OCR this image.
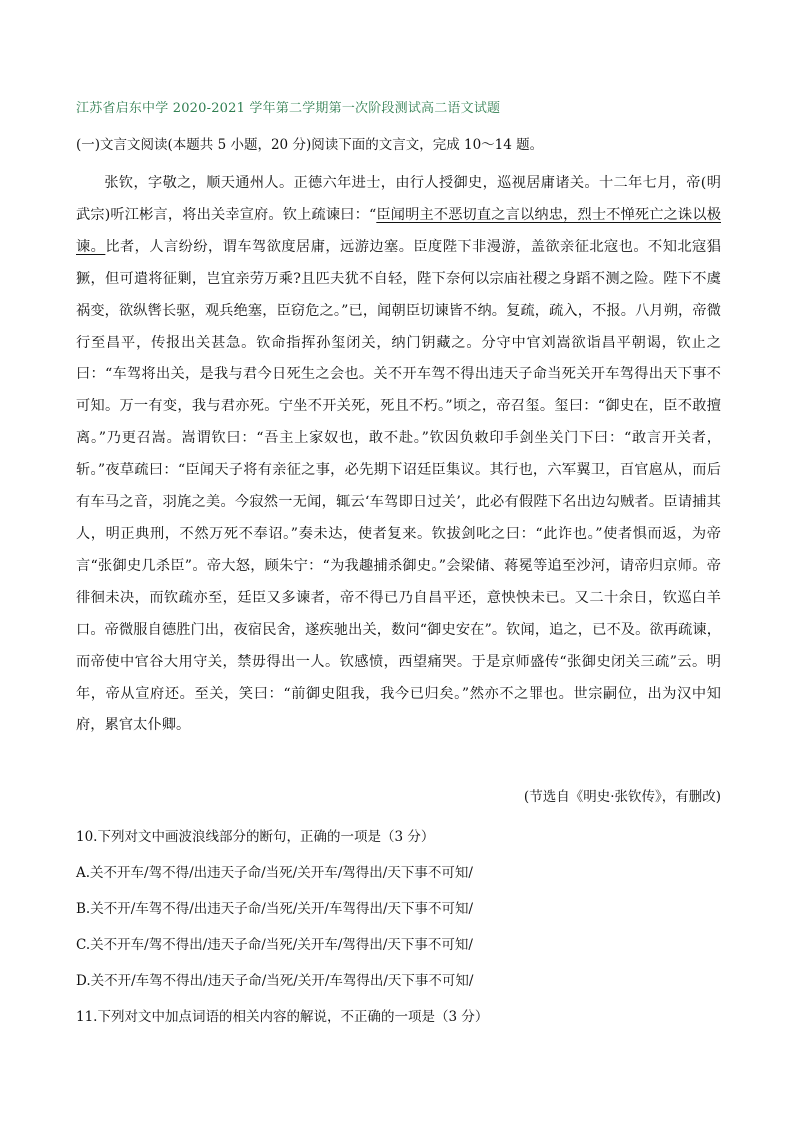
江苏省启东中学 2020-2021 学年第二学期第一次阶段测试高二语文试题
(一)文言文阅读(本题共 5 小题，20 分)阅读下面的文言文，完成 10～14 题。
张钦，字敬之，顺天通州人。正德六年进士，由行人授御史，巡视居庸诸关。十二年七月，帝(明武宗)听江彬言，将出关幸宣府。钦上疏谏曰：“臣闻明主不恶切直之言以纳忠，烈士不惮死亡之诛以极谏。比者，人言纷纷，谓车驾欲度居庸，远游边塞。臣度陛下非漫游，盖欲亲征北寇也。不知北寇猖獗，但可遣将征剿，岂宜亲劳万乘?且匹夫犹不自轻，陛下奈何以宗庙社稷之身蹈不测之险。陛下不虞祸变，欲纵辔长驱，观兵绝塞，臣窃危之。”已，闻朝臣切谏皆不纳。复疏，疏入，不报。八月朔，帝微行至昌平，传报出关甚急。钦命指挥孙玺闭关，纳门钥藏之。分守中官刘嵩欲诣昌平朝谒，钦止之曰：“车驾将出关，是我与君今日死生之会也。关不开车驾不得出违天子命当死关开车驾得出天下事不可知。万一有变，我与君亦死。宁坐不开关死，死且不朽。”顷之，帝召玺。玺曰：“御史在，臣不敢擅离。”乃更召嵩。嵩谓钦曰：“吾主上家奴也，敢不赴。”钦因负敕印手剑坐关门下曰：“敢言开关者，斩。”夜草疏曰：“臣闻天子将有亲征之事，必先期下诏廷臣集议。其行也，六军翼卫，百官扈从，而后有车马之音，羽旄之美。今寂然一无闻，辄云‘车驾即日过关’，此必有假陛下名出边勾贼者。臣请捕其人，明正典刑，不然万死不奉诏。”奏未达，使者复来。钦拔剑叱之曰：“此诈也。”使者惧而返，为帝言“张御史几杀臣”。帝大怒，顾朱宁：“为我趣捕杀御史。”会梁储、蒋冕等追至沙河，请帝归京师。帝徘徊未决，而钦疏亦至，廷臣又多谏者，帝不得已乃自昌平还，意怏怏未已。又二十余日，钦巡白羊口。帝微服自德胜门出，夜宿民舍，遂疾驰出关，数问“御史安在”。钦闻，追之，已不及。欲再疏谏，而帝使中官谷大用守关，禁毋得出一人。钦感愤，西望痛哭。于是京师盛传“张御史闭关三疏”云。明年，帝从宣府还。至关，笑曰：“前御史阻我，我今已归矣。”然亦不之罪也。世宗嗣位，出为汉中知府，累官太仆卿。
(节选自《明史·张钦传》，有删改)
10.下列对文中画波浪线部分的断句，正确的一项是（3 分）
A.关不开车/驾不得/出违天子命/当死/关开车/驾得出/天下事不可知/
B.关不开/车驾不得/出违天子命/当死/关开/车驾得出/天下事不可知/
C.关不开车/驾不得出/违天子命/当死/关开车/驾得出/天下事不可知/
D.关不开/车驾不得出/违天子命/当死/关开/车驾得出/天下事不可知/
11.下列对文中加点词语的相关内容的解说，不正确的一项是（3 分）
